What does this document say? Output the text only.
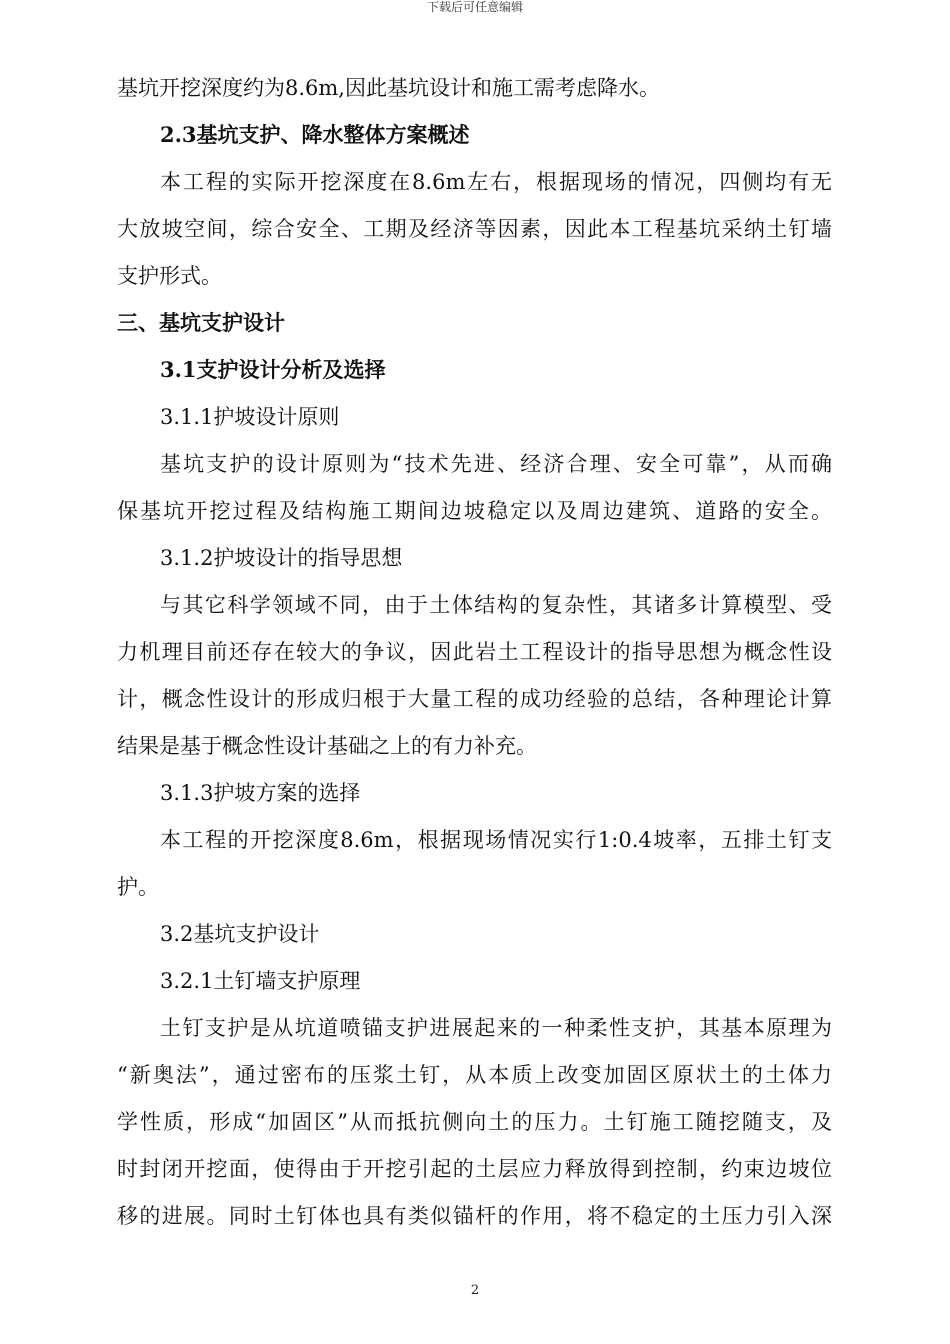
下载后可任意编辑
基坑开挖深度约为8.6m,因此基坑设计和施工需考虑降水。
2.3基坑支护、降水整体方案概述
本工程的实际开挖深度在8.6m左右，根据现场的情况，四侧均有无
大放坡空间，综合安全、工期及经济等因素，因此本工程基坑采纳土钉墙
支护形式。
三、基坑支护设计
3.1支护设计分析及选择
3.1.1护坡设计原则
基坑支护的设计原则为“技术先进、经济合理、安全可靠”，从而确
保基坑开挖过程及结构施工期间边坡稳定以及周边建筑、道路的安全。
3.1.2护坡设计的指导思想
与其它科学领域不同，由于土体结构的复杂性，其诸多计算模型、受
力机理目前还存在较大的争议，因此岩土工程设计的指导思想为概念性设
计，概念性设计的形成归根于大量工程的成功经验的总结，各种理论计算
结果是基于概念性设计基础之上的有力补充。
3.1.3护坡方案的选择
本工程的开挖深度8.6m，根据现场情况实行1:0.4坡率，五排土钉支
护。
3.2基坑支护设计
3.2.1土钉墙支护原理
土钉支护是从坑道喷锚支护进展起来的一种柔性支护，其基本原理为
“新奥法”，通过密布的压浆土钉，从本质上改变加固区原状土的土体力
学性质，形成“加固区”从而抵抗侧向土的压力。土钉施工随挖随支，及
时封闭开挖面，使得由于开挖引起的土层应力释放得到控制，约束边坡位
移的进展。同时土钉体也具有类似锚杆的作用，将不稳定的土压力引入深
2
